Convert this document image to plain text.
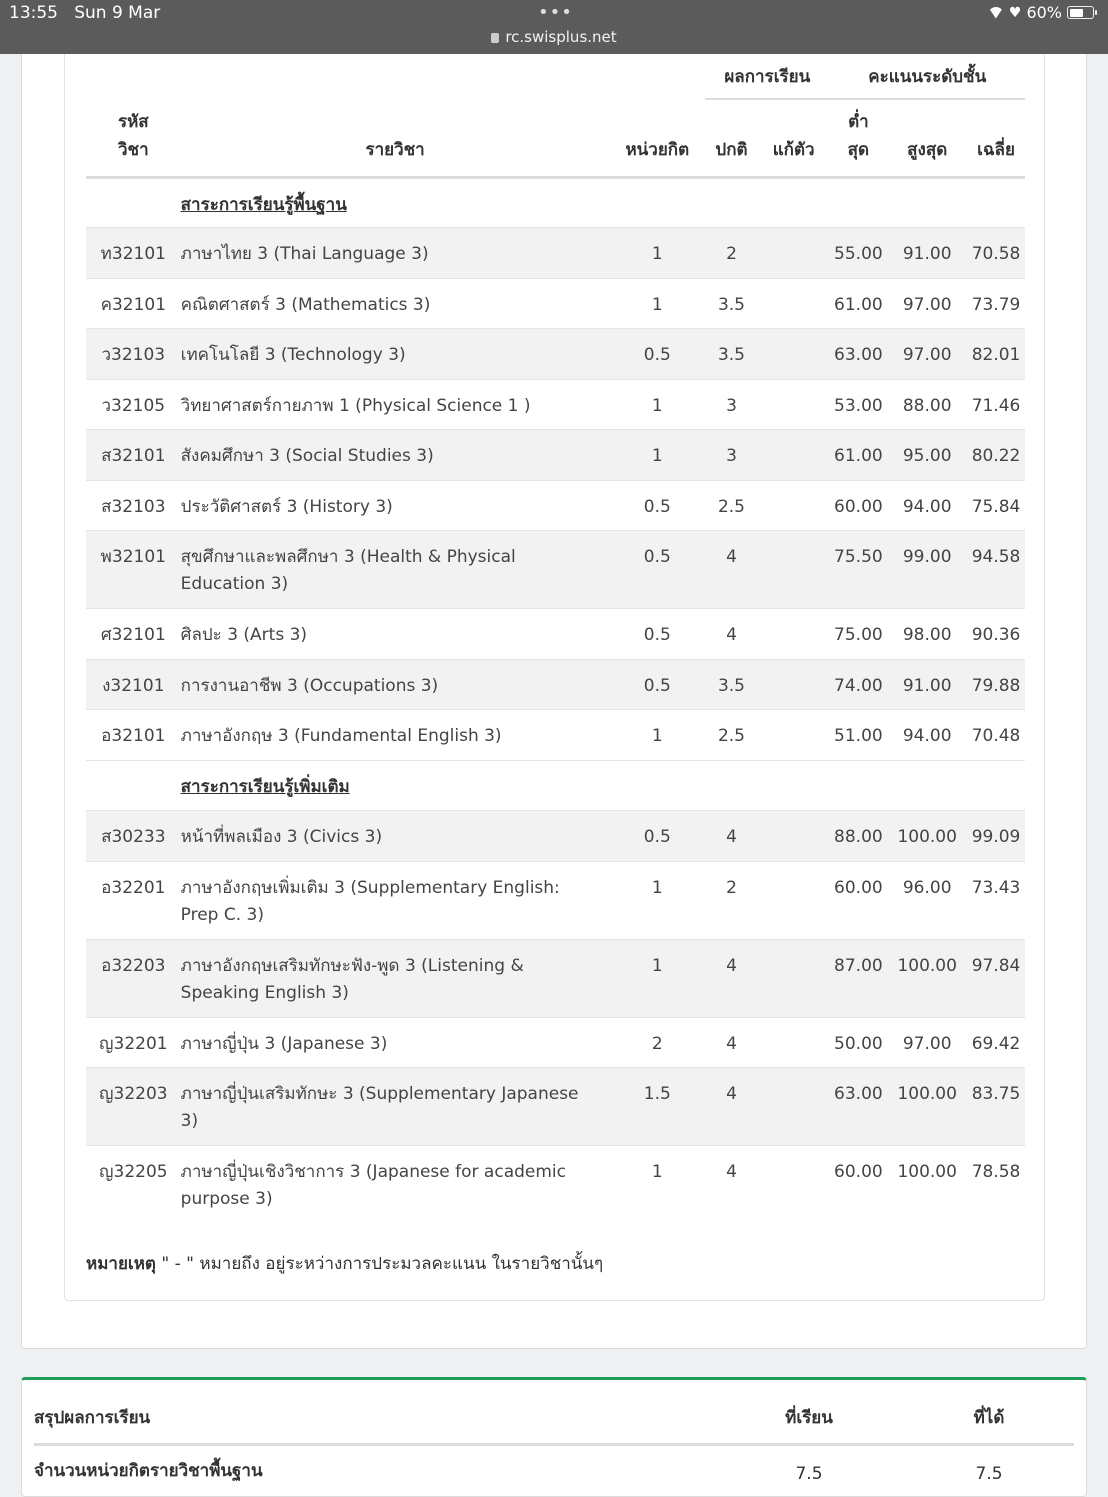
13:55 Sun 9 Mar	•••
rc.swisplus.net
♥ 60%
			ผลการเรียน		คะแนนระดับชั้น		
รหัส
วิชา	รายวิชา	หน่วยกิต	ปกติ	แก้ตัว	ต่ำ
สุด	สูงสุด	เฉลี่ย
	สาระการเรียนรู้พื้นฐาน						
ท32101	ภาษาไทย 3 (Thai Language 3)	1	2		55.00	91.00	70.58
ค32101	คณิตศาสตร์ 3 (Mathematics 3)	1	3.5		61.00	97.00	73.79
ว32103	เทคโนโลยี 3 (Technology 3)	0.5	3.5		63.00	97.00	82.01
ว32105	วิทยาศาสตร์กายภาพ 1 (Physical Science 1 )	1	3		53.00	88.00	71.46
ส32101	สังคมศึกษา 3 (Social Studies 3)	1	3		61.00	95.00	80.22
ส32103	ประวัติศาสตร์ 3 (History 3)	0.5	2.5		60.00	94.00	75.84
พ32101	สุขศึกษาและพลศึกษา 3 (Health & Physical Education 3)	0.5	4		75.50	99.00	94.58
ศ32101	ศิลปะ 3 (Arts 3)	0.5	4		75.00	98.00	90.36
ง32101	การงานอาชีพ 3 (Occupations 3)	0.5	3.5		74.00	91.00	79.88
อ32101	ภาษาอังกฤษ 3 (Fundamental English 3)	1	2.5		51.00	94.00	70.48
	สาระการเรียนรู้เพิ่มเติม						
ส30233	หน้าที่พลเมือง 3 (Civics 3)	0.5	4		88.00	100.00	99.09
อ32201	ภาษาอังกฤษเพิ่มเติม 3 (Supplementary English: Prep C. 3)	1	2		60.00	96.00	73.43
อ32203	ภาษาอังกฤษเสริมทักษะฟัง-พูด 3 (Listening & Speaking English 3)	1	4		87.00	100.00	97.84
ญ32201	ภาษาญี่ปุ่น 3 (Japanese 3)	2	4		50.00	97.00	69.42
ญ32203	ภาษาญี่ปุ่นเสริมทักษะ 3 (Supplementary Japanese 3)	1.5	4		63.00	100.00	83.75
ญ32205	ภาษาญี่ปุ่นเชิงวิชาการ 3 (Japanese for academic purpose 3)	1	4		60.00	100.00	78.58
หมายเหตุ " - " หมายถึง อยู่ระหว่างการประมวลคะแนน ในรายวิชานั้นๆ
สรุปผลการเรียน	ที่เรียน	ที่ได้
จำนวนหน่วยกิตรายวิชาพื้นฐาน	7.5	7.5
